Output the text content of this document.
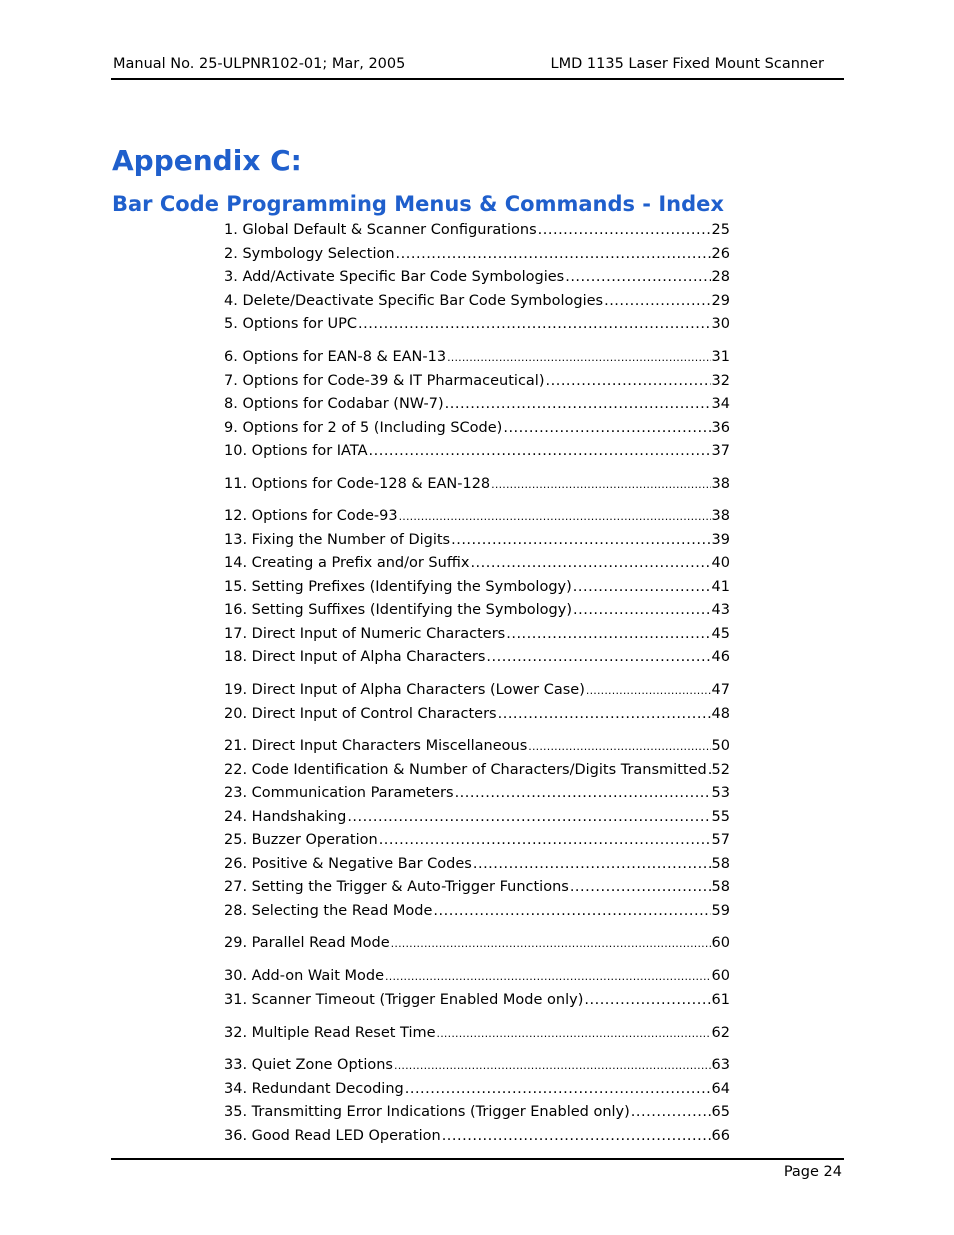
Manual No. 25-ULPNR102-01; Mar, 2005	LMD 1135 Laser Fixed Mount Scanner
Appendix C:
Bar Code Programming Menus & Commands - Index
1. Global Default & Scanner Configurations .....	25
2. Symbology Selection .....	26
3. Add/Activate Specific Bar Code Symbologies .....	28
4. Delete/Deactivate Specific Bar Code Symbologies .....	29
5. Options for UPC .....	30
6. Options for EAN-8 & EAN-13 .....	31
7. Options for Code-39 & IT Pharmaceutical) .....	32
8. Options for Codabar (NW-7) .....	34
9. Options for 2 of 5 (Including SCode) .....	36
10. Options for IATA .....	37
11. Options for Code-128 & EAN-128 .....	38
12. Options for Code-93 .....	38
13. Fixing the Number of Digits .....	39
14. Creating a Prefix and/or Suffix .....	40
15. Setting Prefixes (Identifying the Symbology) .....	41
16. Setting Suffixes (Identifying the Symbology) .....	43
17. Direct Input of Numeric Characters .....	45
18. Direct Input of Alpha Characters .....	46
19. Direct Input of Alpha Characters (Lower Case) .....	47
20. Direct Input of Control Characters .....	48
21. Direct Input Characters Miscellaneous .....	50
22. Code Identification & Number of Characters/Digits Transmitted ..... 52
23. Communication Parameters .....	53
24. Handshaking .....	55
25. Buzzer Operation .....	57
26. Positive & Negative Bar Codes .....	58
27. Setting the Trigger & Auto-Trigger Functions .....	58
28. Selecting the Read Mode .....	59
29. Parallel Read Mode .....	60
30. Add-on Wait Mode .....	60
31. Scanner Timeout (Trigger Enabled Mode only) .....	61
32. Multiple Read Reset Time .....	62
33. Quiet Zone Options .....	63
34. Redundant Decoding .....	64
35. Transmitting Error Indications (Trigger Enabled only) .....	65
36. Good Read LED Operation .....	66
Page 24
